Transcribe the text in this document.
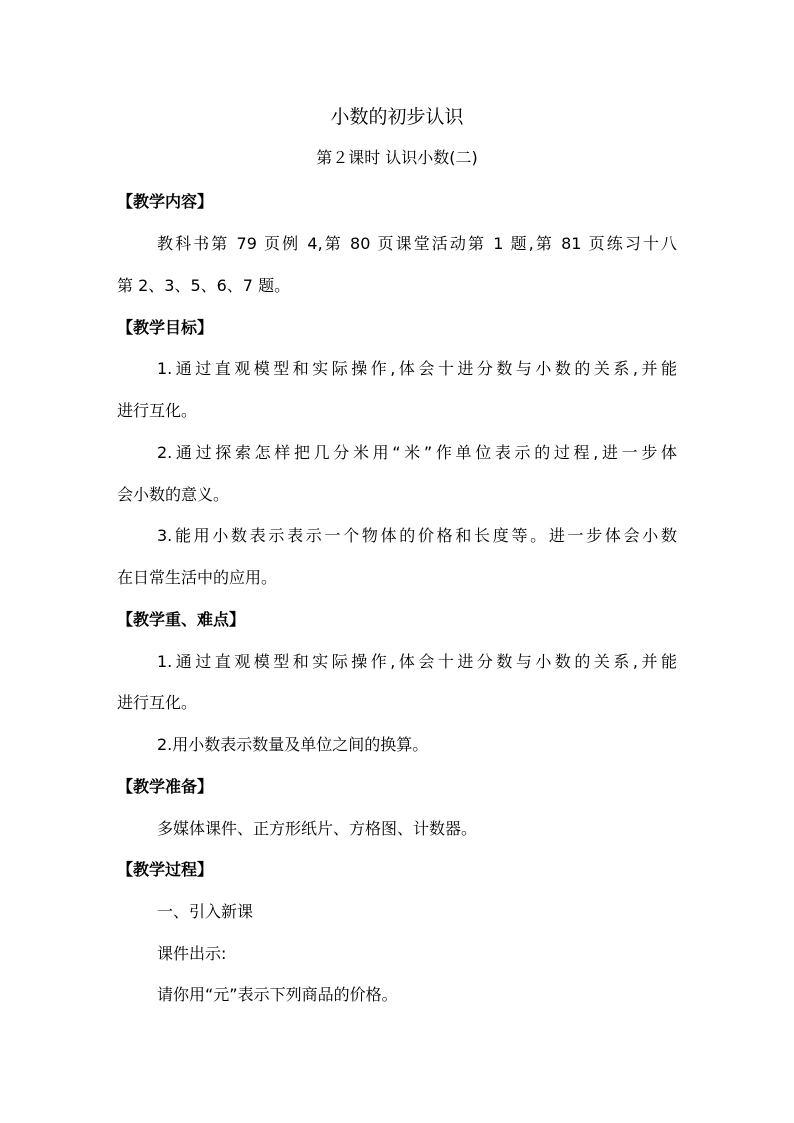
小数的初步认识
第２课时 认识小数(二)
【教学内容】
教科书第 79 页例 4,第 80 页课堂活动第 1 题,第 81 页练习十八
第 2、3、5、6、7 题。
【教学目标】
1.通过直观模型和实际操作,体会十进分数与小数的关系,并能
进行互化。
2.通过探索怎样把几分米用“米”作单位表示的过程,进一步体
会小数的意义。
3.能用小数表示表示一个物体的价格和长度等。进一步体会小数
在日常生活中的应用。
【教学重、难点】
1.通过直观模型和实际操作,体会十进分数与小数的关系,并能
进行互化。
2.用小数表示数量及单位之间的换算。
【教学准备】
多媒体课件、正方形纸片、方格图、计数器。
【教学过程】
一、引入新课
课件出示:
请你用“元”表示下列商品的价格。
